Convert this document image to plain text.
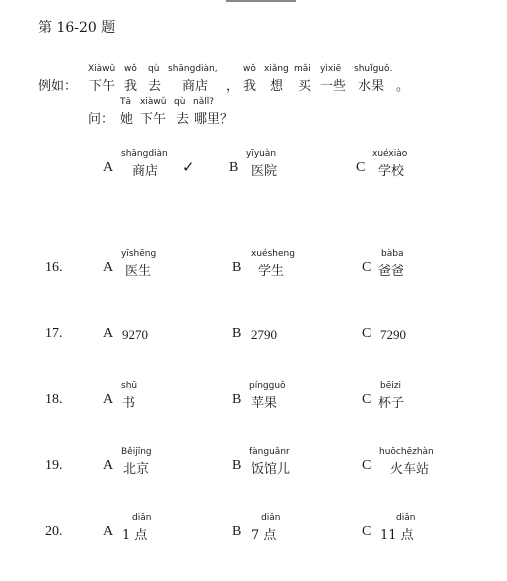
第 16-20 题
例如：
Xiàwǔ wǒ qù shāngdiàn,	wǒ xiǎng mǎi yìxiē shuǐguǒ.
下午 我 去 商店 ， 我 想 买 一些 水果 。
问：
Tā xiàwǔ qù nǎlǐ?
她 下午 去 哪里？
A
shāngdiàn
商店 ✓ B
yīyuàn
医院	C
xuéxiào
学校
16.	A
yīshēng
医生	B
xuésheng
学生	C
bàba
爸爸
17.	A 9270	B 2790	C 7290
18.	A
shū
书	B
píngguǒ
苹果	C
bēizi
杯子
19.	A
Běijīng
北京	B
fànguǎnr
饭馆儿	C
huǒchēzhàn
火车站
20.	A
diǎn
1 点	B
diǎn
7 点	C
diǎn
11 点
